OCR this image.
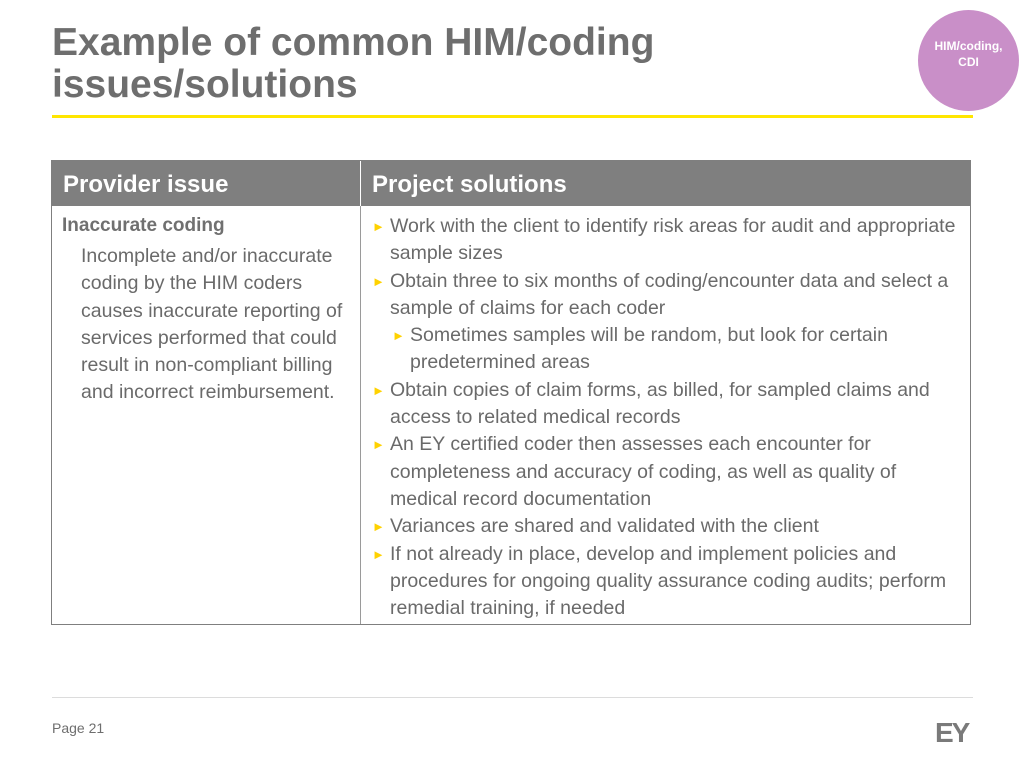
Example of common HIM/coding
issues/solutions
HIM/coding,
CDI
Provider issue	Project solutions

Inaccurate coding

Incomplete and/or inaccurate coding by the HIM coders causes inaccurate reporting of services performed that could result in non-compliant billing and incorrect reimbursement.

► Work with the client to identify risk areas for audit and appropriate sample sizes
► Obtain three to six months of coding/encounter data and select a sample of claims for each coder
► Sometimes samples will be random, but look for certain predetermined areas
► Obtain copies of claim forms, as billed, for sampled claims and access to related medical records
► An EY certified coder then assesses each encounter for completeness and accuracy of coding, as well as quality of medical record documentation
► Variances are shared and validated with the client
► If not already in place, develop and implement policies and procedures for ongoing quality assurance coding audits; perform remedial training, if needed
Page 21	EY
